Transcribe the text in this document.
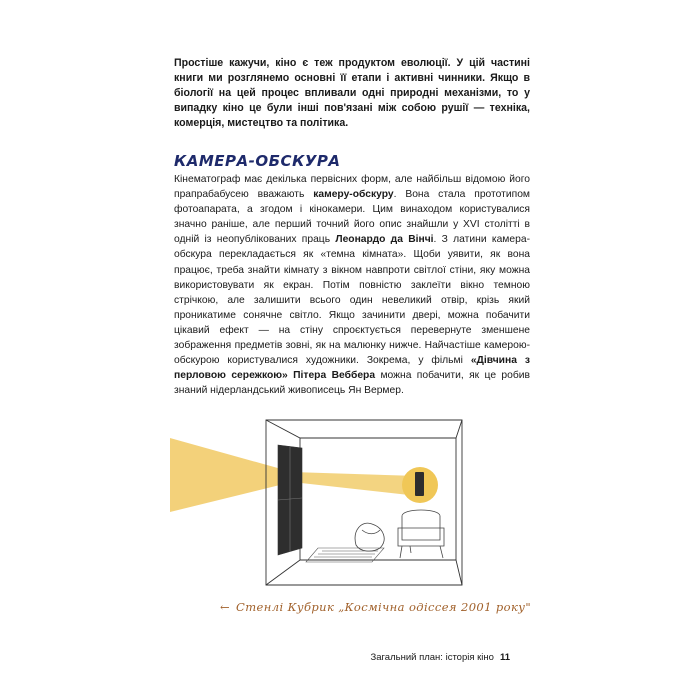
Простіше кажучи, кіно є теж продуктом еволюції. У цій частині книги ми розглянемо основні її етапи і активні чинники. Якщо в біології на цей процес впливали одні природні механізми, то у випадку кіно це були інші пов'язані між собою рушії — техніка, комерція, мистецтво та політика.

КАМЕРА-ОБСКУРА

Кінематограф має декілька первісних форм, але найбільш відомою його прапрабабусею вважають камеру-обскуру. Вона стала прототипом фотоапарата, а згодом і кінокамери. Цим винаходом користувалися значно раніше, але перший точний його опис знайшли у XVI столітті в одній із неопублікованих праць Леонардо да Вінчі. З латини камера-обскура перекладається як «темна кімната». Щоби уявити, як вона працює, треба знайти кімнату з вікном навпроти світлої стіни, яку можна використовувати як екран. Потім повністю заклеїти вікно темною стрічкою, але залишити всього один невеликий отвір, крізь який проникатиме сонячне світло. Якщо зачинити двері, можна побачити цікавий ефект — на стіну спроєктується перевернуте зменшене зображення предметів зовні, як на малюнку нижче. Найчастіше камерою-обскурою користувалися художники. Зокрема, у фільмі «Дівчина з перловою сережкою» Пітера Веббера можна побачити, як це робив знаний нідерландський живописець Ян Вермер.

← Стенлі Кубрик „Космічна одіссея 2001 року"
Загальний план: історія кіно 11
